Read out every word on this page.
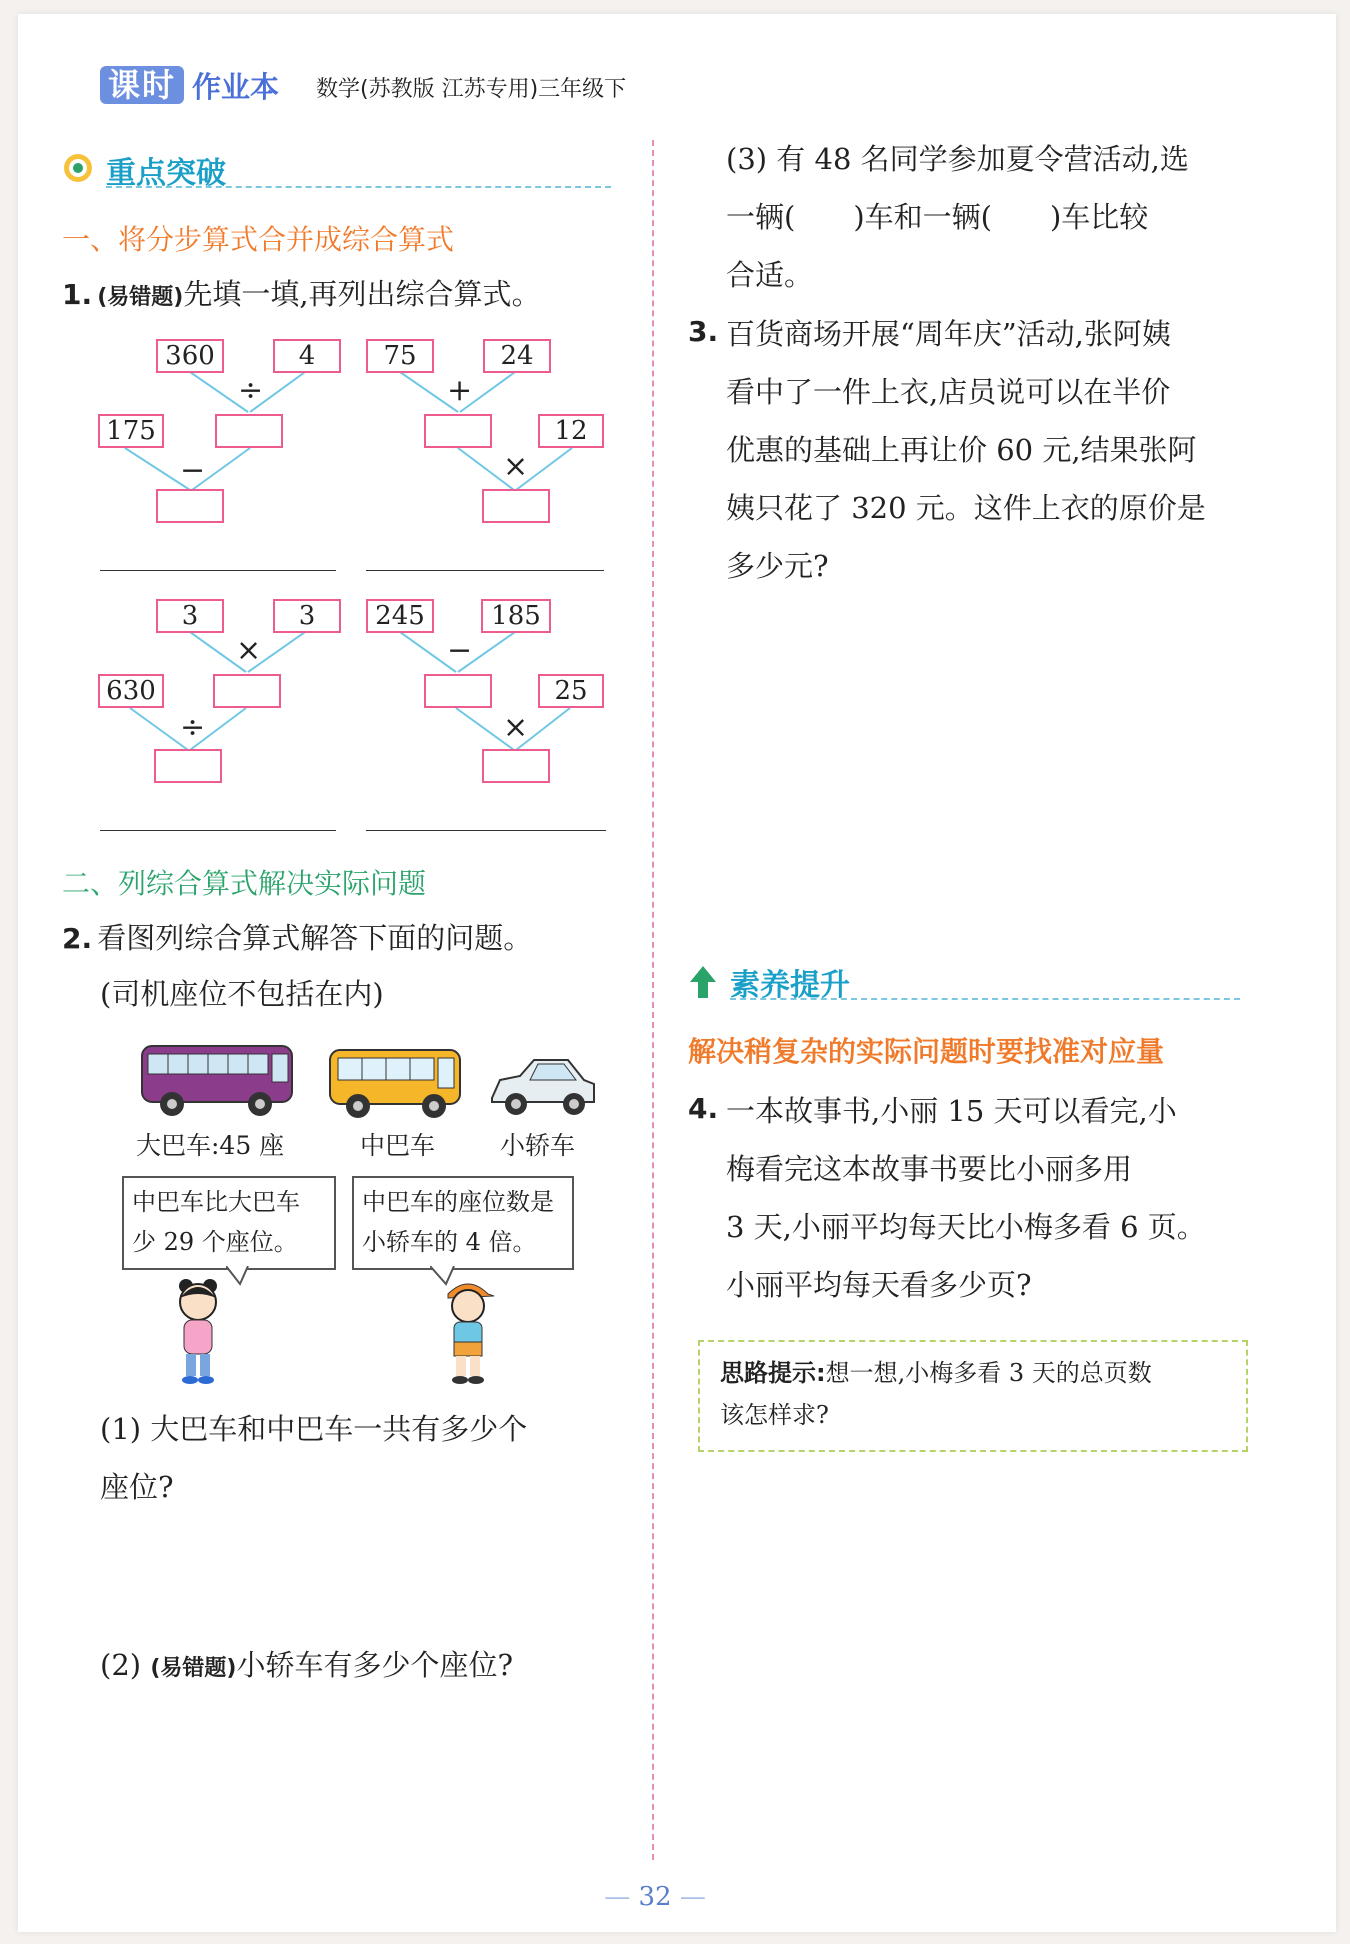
课时 作业本 数学(苏教版 江苏专用)三年级下
重点突破
一、将分步算式合并成综合算式
1. (易错题)先填一填,再列出综合算式。
360	4
÷
175
−
75	24
+
12
×
3	3
×
630
÷
245	185
−
25
×
二、列综合算式解决实际问题
2. 看图列综合算式解答下面的问题。
(司机座位不包括在内)
大巴车:45 座	中巴车	小轿车
中巴车比大巴车
少 29 个座位。
中巴车的座位数是
小轿车的 4 倍。
(1) 大巴车和中巴车一共有多少个
座位?
(2) (易错题)小轿车有多少个座位?
— 32 —
(3) 有 48 名同学参加夏令营活动,选
一辆(　　)车和一辆(　　)车比较
合适。
3. 百货商场开展“周年庆”活动,张阿姨
看中了一件上衣,店员说可以在半价
优惠的基础上再让价 60 元,结果张阿
姨只花了 320 元。这件上衣的原价是
多少元?
素养提升
解决稍复杂的实际问题时要找准对应量
4. 一本故事书,小丽 15 天可以看完,小
梅看完这本故事书要比小丽多用
3 天,小丽平均每天比小梅多看 6 页。
小丽平均每天看多少页?
思路提示:想一想,小梅多看 3 天的总页数
该怎样求?
